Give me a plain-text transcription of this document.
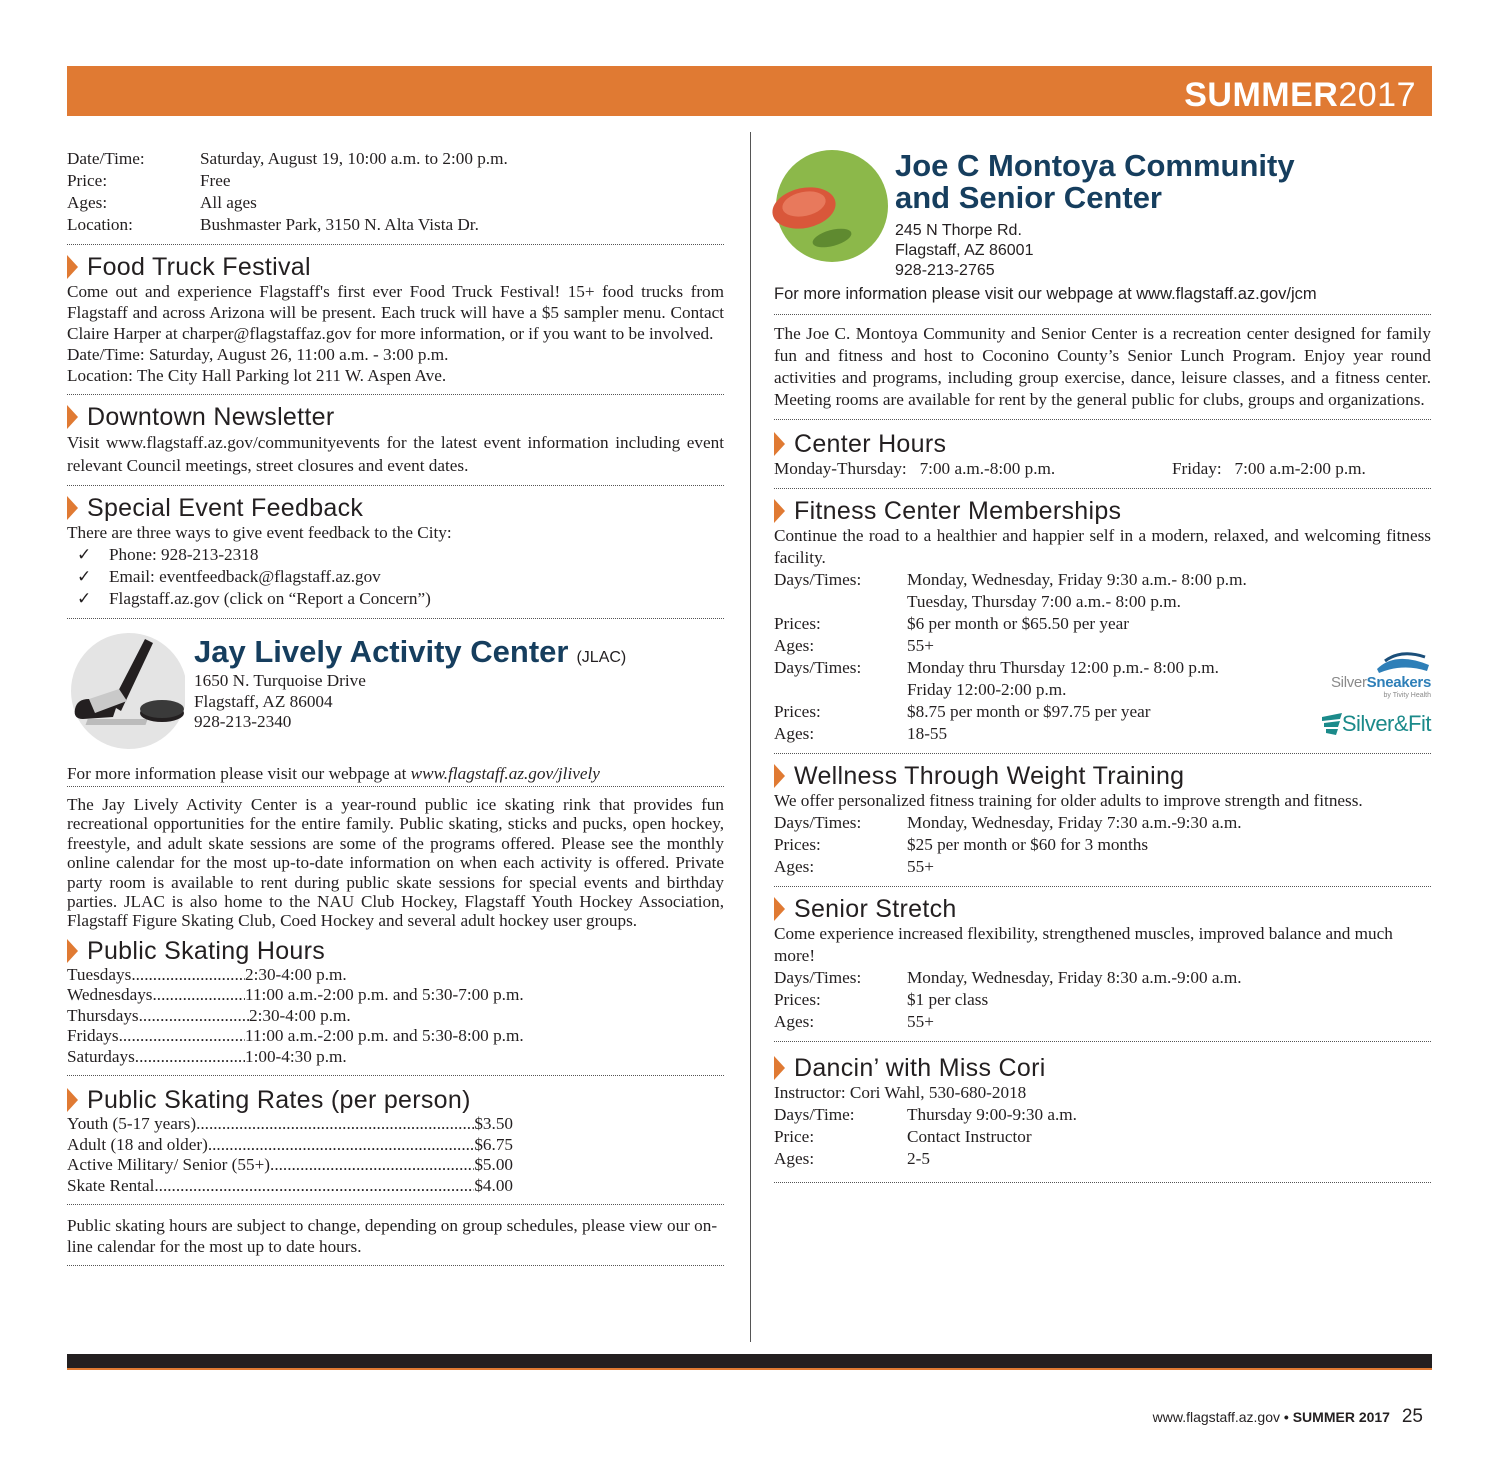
SUMMER2017
Date/Time:	Saturday, August 19, 10:00 a.m. to 2:00 p.m.
Price:	Free
Ages:	All ages
Location:	Bushmaster Park, 3150 N. Alta Vista Dr.
Food Truck Festival

Come out and experience Flagstaff's first ever Food Truck Festival! 15+ food trucks from Flagstaff and across Arizona will be present. Each truck will have a $5 sampler menu. Contact Claire Harper at charper@flagstaffaz.gov for more information, or if you want to be involved.

Date/Time: Saturday, August 26, 11:00 a.m. - 3:00 p.m.

Location: The City Hall Parking lot 211 W. Aspen Ave.

Downtown Newsletter

Visit www.flagstaff.az.gov/communityevents for the latest event information including event relevant Council meetings, street closures and event dates.

Special Event Feedback

There are three ways to give event feedback to the City:

✓	Phone: 928-213-2318
✓	Email: eventfeedback@flagstaff.az.gov
✓	Flagstaff.az.gov (click on “Report a Concern”)
Jay Lively Activity Center (JLAC)

1650 N. Turquoise Drive

Flagstaff, AZ 86004

928-213-2340

For more information please visit our webpage at www.flagstaff.az.gov/jlively

The Jay Lively Activity Center is a year-round public ice skating rink that provides fun recreational opportunities for the entire family. Public skating, sticks and pucks, open hockey, freestyle, and adult skate sessions are some of the programs offered. Please see the monthly online calendar for the most up-to-date information on when each activity is offered. Private party room is available to rent during public skate sessions for special events and birthday parties. JLAC is also home to the NAU Club Hockey, Flagstaff Youth Hockey Association, Flagstaff Figure Skating Club, Coed Hockey and several adult hockey user groups.

Public Skating Hours
Tuesdays .....	2:30-4:00 p.m.
Wednesdays .....	11:00 a.m.-2:00 p.m. and 5:30-7:00 p.m.
Thursdays .....	2:30-4:00 p.m.
Fridays .....	11:00 a.m.-2:00 p.m. and 5:30-8:00 p.m.
Saturdays .....	1:00-4:30 p.m.
Public Skating Rates (per person)
Youth (5-17 years) .....	$3.50
Adult (18 and older) .....	$6.75
Active Military/ Senior (55+) .....	$5.00
Skate Rental .....	$4.00

Public skating hours are subject to change, depending on group schedules, please view our on-line calendar for the most up to date hours.

Joe C Montoya Community
and Senior Center
245 N Thorpe Rd.
Flagstaff, AZ 86001
928-213-2765
For more information please visit our webpage at www.flagstaff.az.gov/jcm

The Joe C. Montoya Community and Senior Center is a recreation center designed for family fun and fitness and host to Coconino County’s Senior Lunch Program. Enjoy year round activities and programs, including group exercise, dance, leisure classes, and a fitness center. Meeting rooms are available for rent by the general public for clubs, groups and organizations.

Center Hours
Monday-Thursday:   7:00 a.m.-8:00 p.m.	Friday:   7:00 a.m-2:00 p.m.
Fitness Center Memberships

Continue the road to a healthier and happier self in a modern, relaxed, and welcoming fitness facility.

Days/Times:	Monday, Wednesday, Friday 9:30 a.m.- 8:00 p.m.
Tuesday, Thursday 7:00 a.m.- 8:00 p.m.
Prices:	$6 per month or $65.50 per year
Ages:	55+
Days/Times:	Monday thru Thursday 12:00 p.m.- 8:00 p.m.
Friday 12:00-2:00 p.m.
Prices:	$8.75 per month or $97.75 per year
Ages:	18-55
SilverSneakers
by Tivity Health
Silver&Fit
Wellness Through Weight Training

We offer personalized fitness training for older adults to improve strength and fitness.

Days/Times:	Monday, Wednesday, Friday 7:30 a.m.-9:30 a.m.
Prices:	$25 per month or $60 for 3 months
Ages:	55+
Senior Stretch

Come experience increased flexibility, strengthened muscles, improved balance and much more!

Days/Times:	Monday, Wednesday, Friday 8:30 a.m.-9:00 a.m.
Prices:	$1 per class
Ages:	55+
Dancin’ with Miss Cori

Instructor: Cori Wahl, 530-680-2018

Days/Time:	Thursday 9:00-9:30 a.m.
Price:	Contact Instructor
Ages:	2-5
www.flagstaff.az.gov • SUMMER 2017 25
